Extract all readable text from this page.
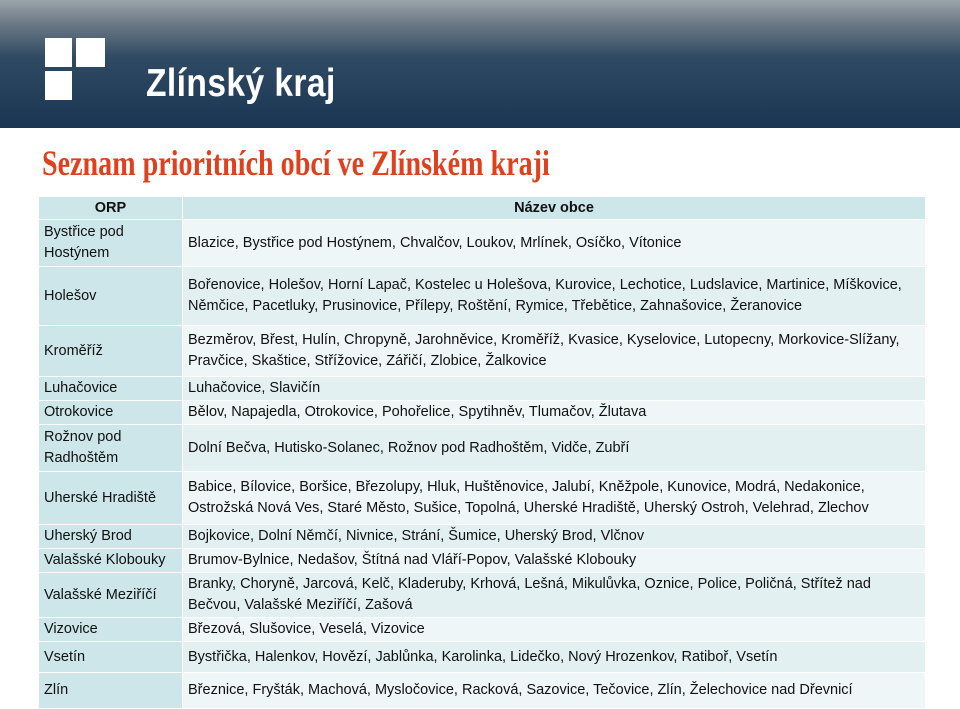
Zlínský kraj
Seznam prioritních obcí ve Zlínském kraji
ORP	Název obce
Bystřice pod Hostýnem	Blazice, Bystřice pod Hostýnem, Chvalčov, Loukov, Mrlínek, Osíčko, Vítonice
Holešov	Bořenovice, Holešov, Horní Lapač, Kostelec u Holešova, Kurovice, Lechotice, Ludslavice, Martinice, Míškovice, Němčice, Pacetluky, Prusinovice, Přílepy, Roštění, Rymice, Třebětice, Zahnašovice, Žeranovice
Kroměříž	Bezměrov, Břest, Hulín, Chropyně, Jarohněvice, Kroměříž, Kvasice, Kyselovice, Lutopecny, Morkovice-Slížany, Pravčice, Skaštice, Střížovice, Zářičí, Zlobice, Žalkovice
Luhačovice	Luhačovice, Slavičín
Otrokovice	Bělov, Napajedla, Otrokovice, Pohořelice, Spytihněv, Tlumačov, Žlutava
Rožnov pod Radhoštěm	Dolní Bečva, Hutisko-Solanec, Rožnov pod Radhoštěm, Vidče, Zubří
Uherské Hradiště	Babice, Bílovice, Boršice, Březolupy, Hluk, Huštěnovice, Jalubí, Kněžpole, Kunovice, Modrá, Nedakonice, Ostrožská Nová Ves, Staré Město, Sušice, Topolná, Uherské Hradiště, Uherský Ostroh, Velehrad, Zlechov
Uherský Brod	Bojkovice, Dolní Němčí, Nivnice, Strání, Šumice, Uherský Brod, Vlčnov
Valašské Klobouky	Brumov-Bylnice, Nedašov, Štítná nad Vláří-Popov, Valašské Klobouky
Valašské Meziříčí	Branky, Choryně, Jarcová, Kelč, Kladeruby, Krhová, Lešná, Mikulůvka, Oznice, Police, Poličná, Střítež nad Bečvou, Valašské Meziříčí, Zašová
Vizovice	Březová, Slušovice, Veselá, Vizovice
Vsetín	Bystřička, Halenkov, Hovězí, Jablůnka, Karolinka, Lidečko, Nový Hrozenkov, Ratiboř, Vsetín
Zlín	Březnice, Fryšták, Machová, Mysločovice, Racková, Sazovice, Tečovice, Zlín, Želechovice nad Dřevnicí
